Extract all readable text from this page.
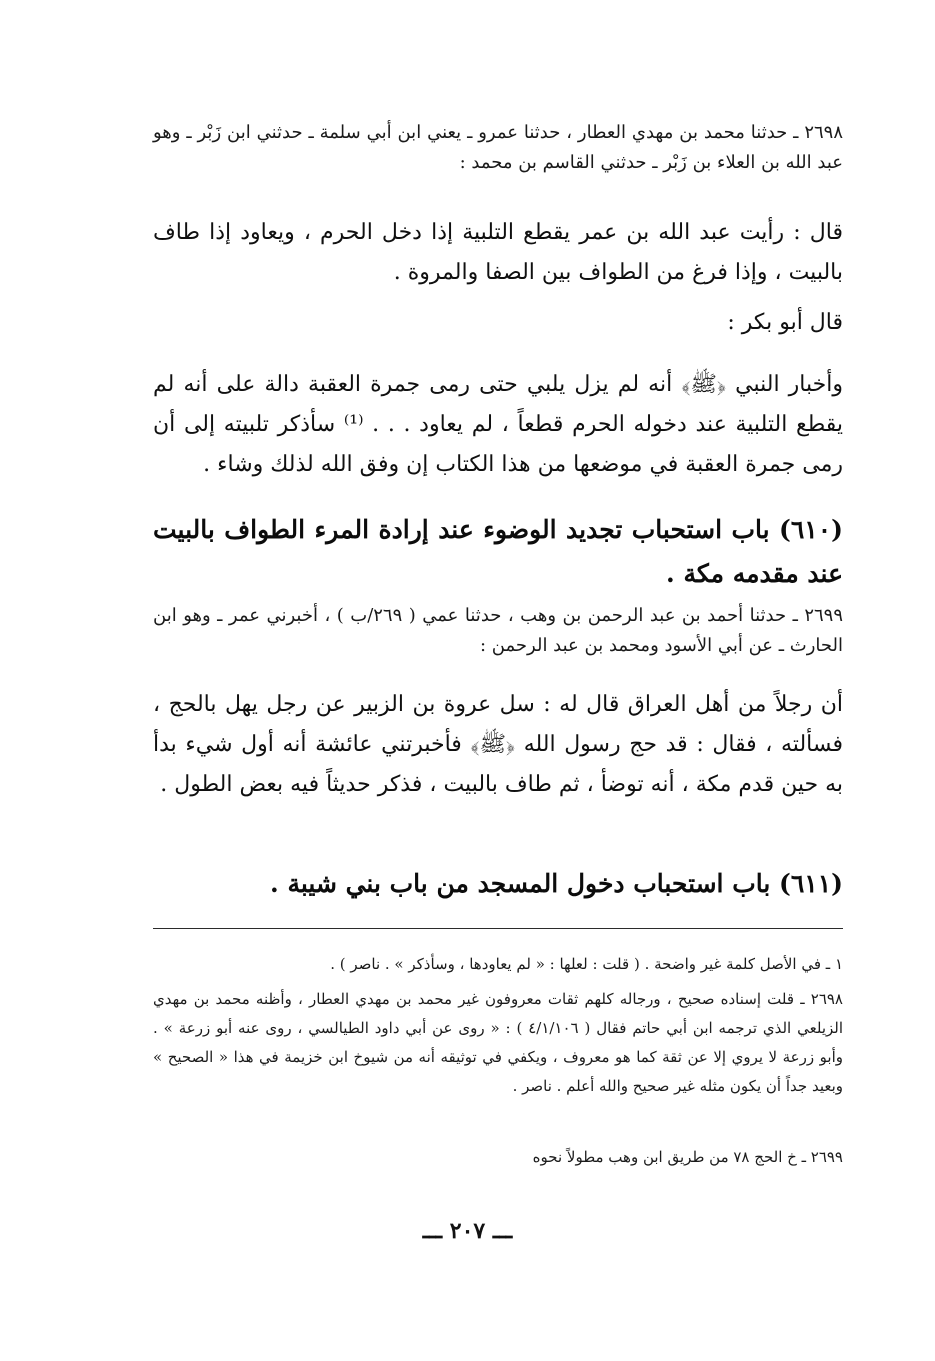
٢٦٩٨ ـ حدثنا محمد بن مهدي العطار ، حدثنا عمرو ـ يعني ابن أبي سلمة ـ حدثني ابن زَبْر ـ وهو عبد الله بن العلاء بن زَبْر ـ حدثني القاسم بن محمد :
قال : رأيت عبد الله بن عمر يقطع التلبية إذا دخل الحرم ، ويعاود إذا طاف بالبيت ، وإذا فرغ من الطواف بين الصفا والمروة .
قال أبو بكر :
وأخبار النبي ﴿ﷺ﴾ أنه لم يزل يلبي حتى رمى جمرة العقبة دالة على أنه لم يقطع التلبية عند دخوله الحرم قطعاً ، لم يعاود . . . ⁽¹⁾ سأذكر تلبيته إلى أن رمى جمرة العقبة في موضعها من هذا الكتاب إن وفق الله لذلك وشاء .
(٦١٠) باب استحباب تجديد الوضوء عند إرادة المرء الطواف بالبيت عند مقدمه مكة .
٢٦٩٩ ـ حدثنا أحمد بن عبد الرحمن بن وهب ، حدثنا عمي ( ٢٦٩/ب ) ، أخبرني عمر ـ وهو ابن الحارث ـ عن أبي الأسود ومحمد بن عبد الرحمن :
أن رجلاً من أهل العراق قال له : سل عروة بن الزبير عن رجل يهل بالحج ، فسألته ، فقال : قد حج رسول الله ﴿ﷺ﴾ فأخبرتني عائشة أنه أول شيء بدأ به حين قدم مكة ، أنه توضأ ، ثم طاف بالبيت ، فذكر حديثاً فيه بعض الطول .
(٦١١) باب استحباب دخول المسجد من باب بني شيبة .
١ ـ في الأصل كلمة غير واضحة . ( قلت : لعلها : « لم يعاودها ، وسأذكر » . ناصر ) .
٢٦٩٨ ـ قلت إسناده صحيح ، ورجاله كلهم ثقات معروفون غير محمد بن مهدي العطار ، وأظنه محمد بن مهدي الزيلعي الذي ترجمه ابن أبي حاتم فقال ( ٤/١/١٠٦ ) : « روى عن أبي داود الطيالسي ، روى عنه أبو زرعة » . وأبو زرعة لا يروي إلا عن ثقة كما هو معروف ، ويكفي في توثيقه أنه من شيوخ ابن خزيمة في هذا « الصحيح » وبعيد جداً أن يكون مثله غير صحيح والله أعلم . ناصر .
٢٦٩٩ ـ خ الحج ٧٨ من طريق ابن وهب مطولاً نحوه
ـــ ٢٠٧ ـــ
